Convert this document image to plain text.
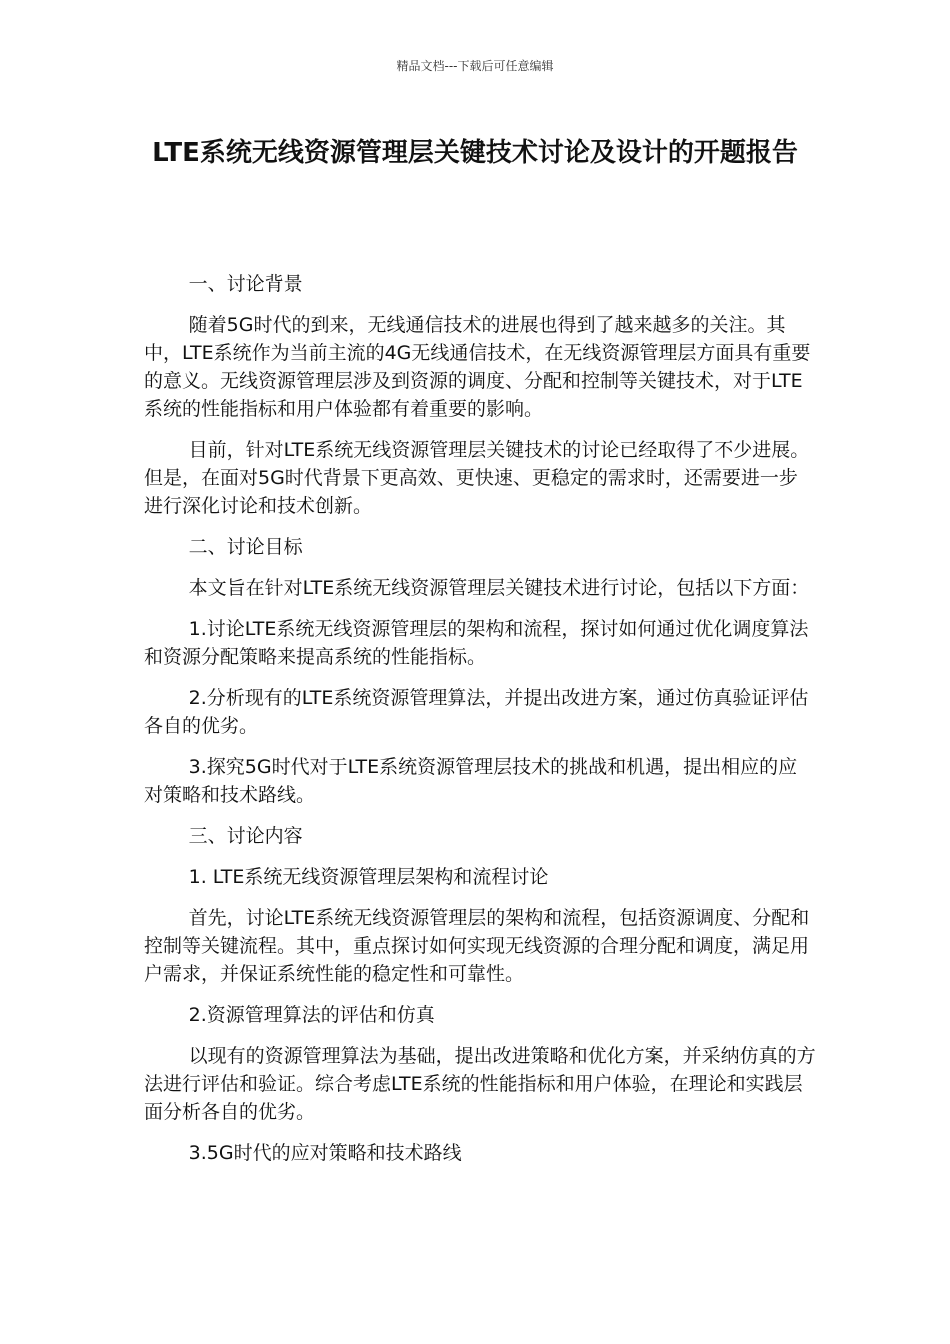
精品文档---下载后可任意编辑
LTE系统无线资源管理层关键技术讨论及设计的开题报告

一、讨论背景

随着5G时代的到来，无线通信技术的进展也得到了越来越多的关注。其中，LTE系统作为当前主流的4G无线通信技术，在无线资源管理层方面具有重要的意义。无线资源管理层涉及到资源的调度、分配和控制等关键技术，对于LTE系统的性能指标和用户体验都有着重要的影响。

目前，针对LTE系统无线资源管理层关键技术的讨论已经取得了不少进展。但是，在面对5G时代背景下更高效、更快速、更稳定的需求时，还需要进一步进行深化讨论和技术创新。

二、讨论目标

本文旨在针对LTE系统无线资源管理层关键技术进行讨论，包括以下方面：

1.讨论LTE系统无线资源管理层的架构和流程，探讨如何通过优化调度算法和资源分配策略来提高系统的性能指标。

2.分析现有的LTE系统资源管理算法，并提出改进方案，通过仿真验证评估各自的优劣。

3.探究5G时代对于LTE系统资源管理层技术的挑战和机遇，提出相应的应对策略和技术路线。

三、讨论内容

1. LTE系统无线资源管理层架构和流程讨论

首先，讨论LTE系统无线资源管理层的架构和流程，包括资源调度、分配和控制等关键流程。其中，重点探讨如何实现无线资源的合理分配和调度，满足用户需求，并保证系统性能的稳定性和可靠性。

2.资源管理算法的评估和仿真

以现有的资源管理算法为基础，提出改进策略和优化方案，并采纳仿真的方法进行评估和验证。综合考虑LTE系统的性能指标和用户体验，在理论和实践层面分析各自的优劣。

3.5G时代的应对策略和技术路线
